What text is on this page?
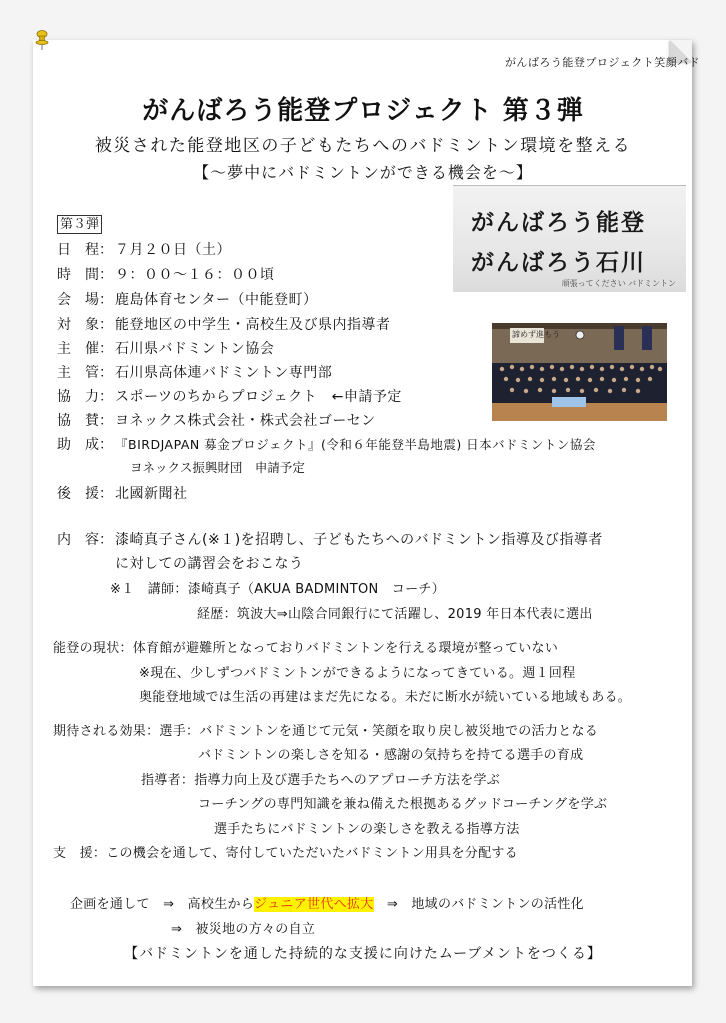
がんばろう能登プロジェクト笑顔バド
がんばろう能登プロジェクト 第３弾
被災された能登地区の子どもたちへのバドミントン環境を整える
【～夢中にバドミントンができる機会を～】
がんばろう能登
がんばろう石川
頑張ってください バドミントン
諦めず進もう
第３弾
日　程： ７月２０日（土）
時　間： ９：００～１６：００頃
会　場： 鹿島体育センター（中能登町）
対　象： 能登地区の中学生・高校生及び県内指導者
主　催： 石川県バドミントン協会
主　管： 石川県高体連バドミントン専門部
協　力： スポーツのちからプロジェクト　←申請予定
協　賛： ヨネックス株式会社・株式会社ゴーセン
助　成： 『BIRDJAPAN 募金プロジェクト』(令和６年能登半島地震) 日本バドミントン協会
ヨネックス振興財団　申請予定
後　援： 北國新聞社
内　容： 漆崎真子さん(※１)を招聘し、子どもたちへのバドミントン指導及び指導者
に対しての講習会をおこなう
※１　講師：漆崎真子（AKUA BADMINTON　コーチ）
経歴：筑波大⇒山陰合同銀行にて活躍し、2019 年日本代表に選出
能登の現状：体育館が避難所となっておりバドミントンを行える環境が整っていない
※現在、少しずつバドミントンができるようになってきている。週１回程
奥能登地域では生活の再建はまだ先になる。未だに断水が続いている地域もある。
期待される効果：選手：バドミントンを通じて元気・笑顔を取り戻し被災地での活力となる
バドミントンの楽しさを知る・感謝の気持ちを持てる選手の育成
指導者：指導力向上及び選手たちへのアプローチ方法を学ぶ
コーチングの専門知識を兼ね備えた根拠あるグッドコーチングを学ぶ
選手たちにバドミントンの楽しさを教える指導方法
支　援：この機会を通して、寄付していただいたバドミントン用具を分配する
企画を通して　⇒　高校生からジュニア世代へ拡大　⇒　地域のバドミントンの活性化
⇒　被災地の方々の自立
【バドミントンを通した持続的な支援に向けたムーブメントをつくる】
